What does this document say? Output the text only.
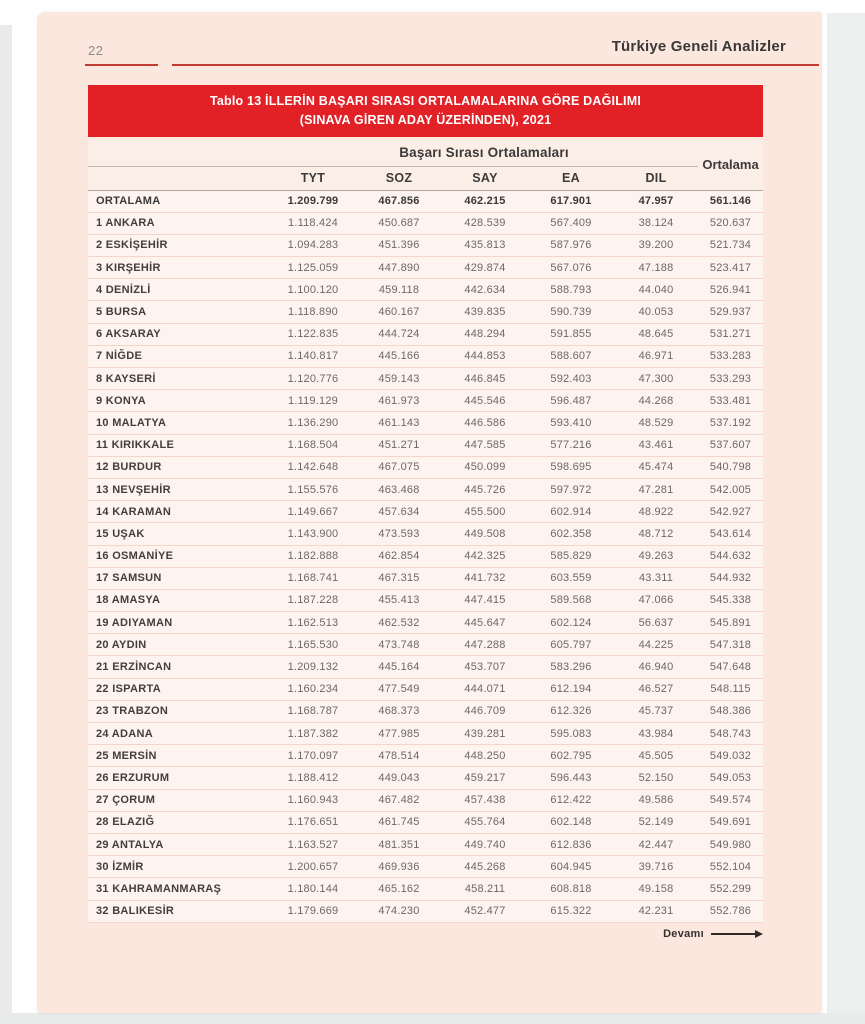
22	Türkiye Geneli Analizler
Tablo 13 İLLERİN BAŞARI SIRASI ORTALAMALARINA GÖRE DAĞILIMI
(SINAVA GİREN ADAY ÜZERİNDEN), 2021
	Başarı Sırası Ortalamaları					Ortalama
	TYT	SOZ	SAY	EA	DIL	
ORTALAMA	1.209.799	467.856	462.215	617.901	47.957	561.146
1 ANKARA	1.118.424	450.687	428.539	567.409	38.124	520.637
2 ESKİŞEHİR	1.094.283	451.396	435.813	587.976	39.200	521.734
3 KIRŞEHİR	1.125.059	447.890	429.874	567.076	47.188	523.417
4 DENİZLİ	1.100.120	459.118	442.634	588.793	44.040	526.941
5 BURSA	1.118.890	460.167	439.835	590.739	40.053	529.937
6 AKSARAY	1.122.835	444.724	448.294	591.855	48.645	531.271
7 NİĞDE	1.140.817	445.166	444.853	588.607	46.971	533.283
8 KAYSERİ	1.120.776	459.143	446.845	592.403	47.300	533.293
9 KONYA	1.119.129	461.973	445.546	596.487	44.268	533.481
10 MALATYA	1.136.290	461.143	446.586	593.410	48.529	537.192
11 KIRIKKALE	1.168.504	451.271	447.585	577.216	43.461	537.607
12 BURDUR	1.142.648	467.075	450.099	598.695	45.474	540.798
13 NEVŞEHİR	1.155.576	463.468	445.726	597.972	47.281	542.005
14 KARAMAN	1.149.667	457.634	455.500	602.914	48.922	542.927
15 UŞAK	1.143.900	473.593	449.508	602.358	48.712	543.614
16 OSMANİYE	1.182.888	462.854	442.325	585.829	49.263	544.632
17 SAMSUN	1.168.741	467.315	441.732	603.559	43.311	544.932
18 AMASYA	1.187.228	455.413	447.415	589.568	47.066	545.338
19 ADIYAMAN	1.162.513	462.532	445.647	602.124	56.637	545.891
20 AYDIN	1.165.530	473.748	447.288	605.797	44.225	547.318
21 ERZİNCAN	1.209.132	445.164	453.707	583.296	46.940	547.648
22 ISPARTA	1.160.234	477.549	444.071	612.194	46.527	548.115
23 TRABZON	1.168.787	468.373	446.709	612.326	45.737	548.386
24 ADANA	1.187.382	477.985	439.281	595.083	43.984	548.743
25 MERSİN	1.170.097	478.514	448.250	602.795	45.505	549.032
26 ERZURUM	1.188.412	449.043	459.217	596.443	52.150	549.053
27 ÇORUM	1.160.943	467.482	457.438	612.422	49.586	549.574
28 ELAZIĞ	1.176.651	461.745	455.764	602.148	52.149	549.691
29 ANTALYA	1.163.527	481.351	449.740	612.836	42.447	549.980
30 İZMİR	1.200.657	469.936	445.268	604.945	39.716	552.104
31 KAHRAMANMARAŞ	1.180.144	465.162	458.211	608.818	49.158	552.299
32 BALIKESİR	1.179.669	474.230	452.477	615.322	42.231	552.786
Devamı
